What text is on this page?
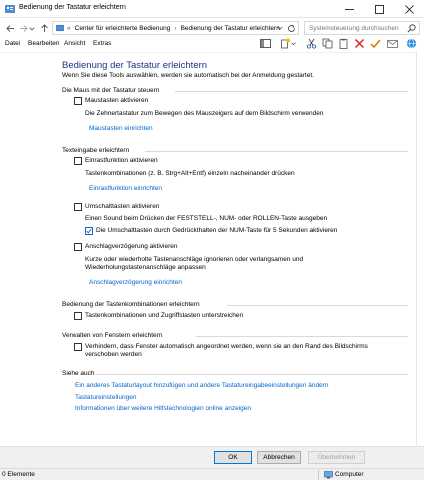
Bedienung der Tastatur erleichtern
« Center für erleichterte Bedienung › Bedienung der Tastatur erleichtern
Systemsteuerung durchsuchen
Datei Bearbeiten Ansicht Extras
Bedienung der Tastatur erleichtern
Wenn Sie diese Tools auswählen, werden sie automatisch bei der Anmeldung gestartet.
Die Maus mit der Tastatur steuern
Maustasten aktivieren
Die Zehnertastatur zum Bewegen des Mauszeigers auf dem Bildschirm verwenden
Maustasten einrichten
Texteingabe erleichtern
Einrastfunktion aktivieren
Tastenkombinationen (z. B. Strg+Alt+Entf) einzeln nacheinander drücken
Einrastfunktion einrichten
Umschalttasten aktivieren
Einen Sound beim Drücken der FESTSTELL-, NUM- oder ROLLEN-Taste ausgeben
Die Umschalttasten durch Gedrückthalten der NUM-Taste für 5 Sekunden aktivieren
Anschlagverzögerung aktivieren
Kurze oder wiederholte Tastenanschläge ignorieren oder verlangsamen und
Wiederholungstastenanschläge anpassen
Anschlagverzögerung einrichten
Bedienung der Tastenkombinationen erleichtern
Tastenkombinationen und Zugriffstasten unterstreichen
Verwalten von Fenstern erleichtern
Verhindern, dass Fenster automatisch angeordnet werden, wenn sie an den Rand des Bildschirms
verschoben werden
Siehe auch
Ein anderes Tastaturlayout hinzufügen und andere Tastatureingabeeinstellungen ändern
Tastatureinstellungen
Informationen über weitere Hilfstechnologien online anzeigen
OK	Abbrechen	Übernehmen
0 Elemente	Computer
